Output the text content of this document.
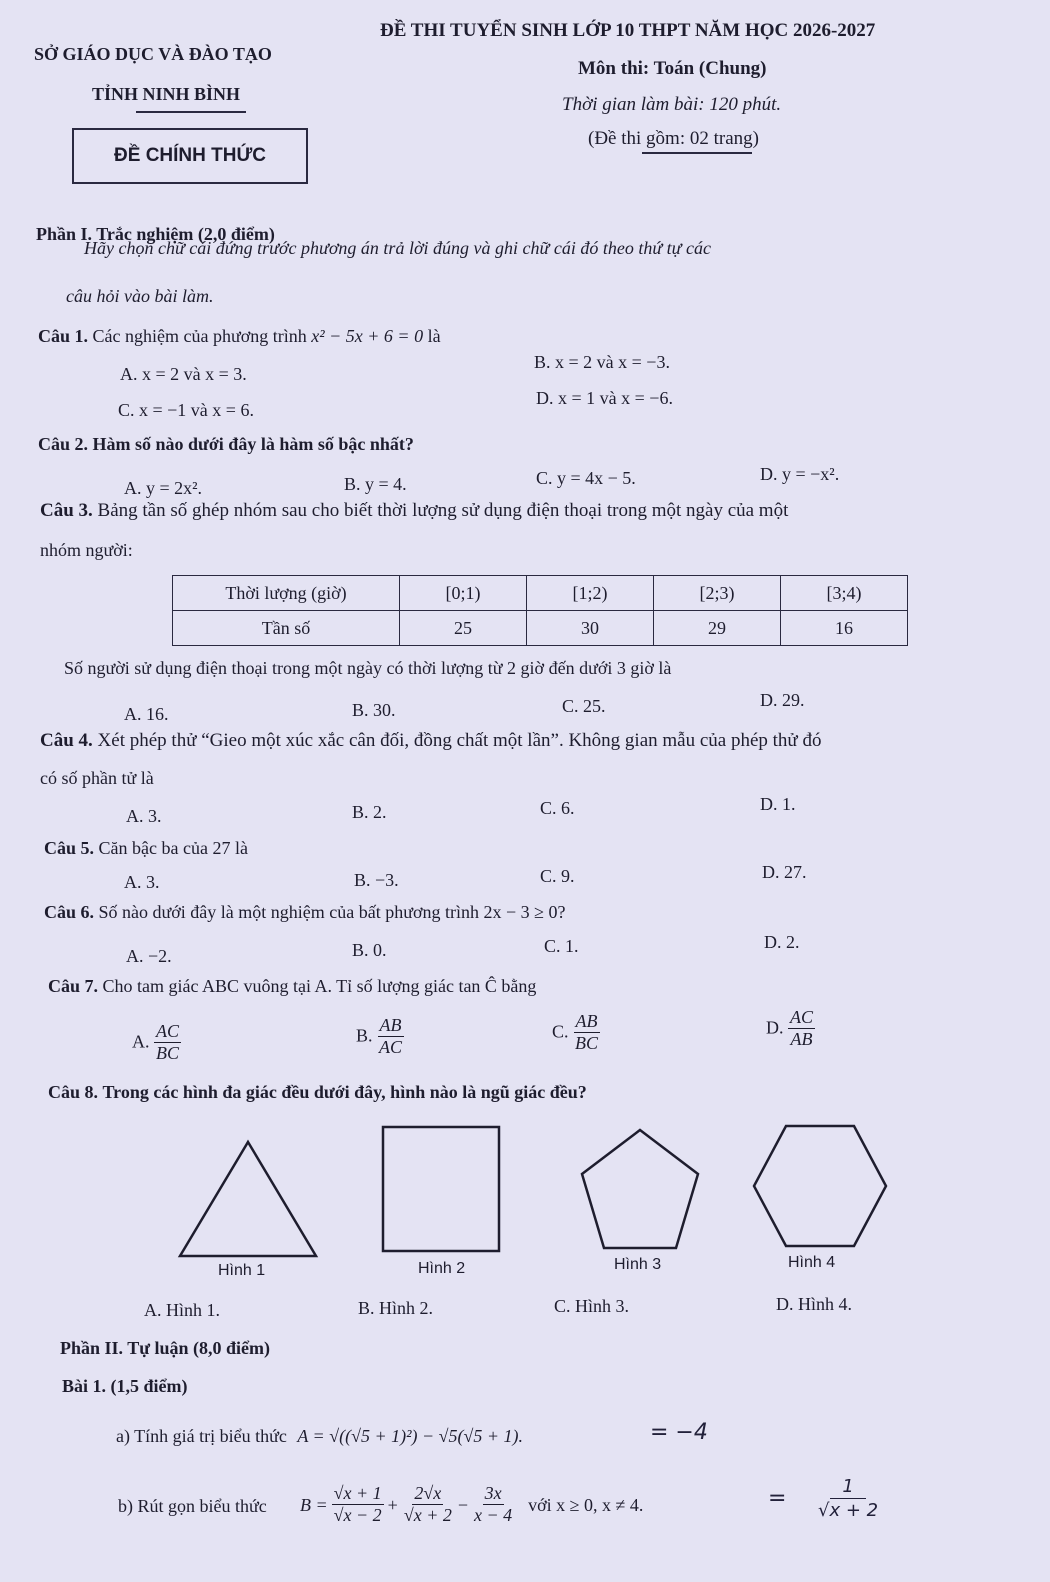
SỞ GIÁO DỤC VÀ ĐÀO TẠO
TỈNH NINH BÌNH
ĐỀ CHÍNH THỨC
ĐỀ THI TUYỂN SINH LỚP 10 THPT NĂM HỌC 2026-2027
Môn thi: Toán (Chung)
Thời gian làm bài: 120 phút.
(Đề thi gồm: 02 trang)
Phần I. Trắc nghiệm (2,0 điểm)
Hãy chọn chữ cái đứng trước phương án trả lời đúng và ghi chữ cái đó theo thứ tự các
câu hỏi vào bài làm.
Câu 1. Các nghiệm của phương trình x² − 5x + 6 = 0 là
A. x = 2 và x = 3.
B. x = 2 và x = −3.
C. x = −1 và x = 6.
D. x = 1 và x = −6.
Câu 2. Hàm số nào dưới đây là hàm số bậc nhất?
A. y = 2x².	B. y = 4.	C. y = 4x − 5.	D. y = −x².
Câu 3. Bảng tần số ghép nhóm sau cho biết thời lượng sử dụng điện thoại trong một ngày của một
nhóm người:
Thời lượng (giờ)	[0;1)	[1;2)	[2;3)	[3;4)
Tần số	25	30	29	16
Số người sử dụng điện thoại trong một ngày có thời lượng từ 2 giờ đến dưới 3 giờ là
A. 16.	B. 30.	C. 25.	D. 29.
Câu 4. Xét phép thử “Gieo một xúc xắc cân đối, đồng chất một lần”. Không gian mẫu của phép thử đó
có số phần tử là
A. 3.	B. 2.	C. 6.	D. 1.
Câu 5. Căn bậc ba của 27 là
A. 3.	B. −3.	C. 9.	D. 27.
Câu 6. Số nào dưới đây là một nghiệm của bất phương trình 2x − 3 ≥ 0?
A. −2.	B. 0.	C. 1.	D. 2.
Câu 7. Cho tam giác ABC vuông tại A. Tỉ số lượng giác tan Ĉ bằng
A. $\frac{AC}{BC}$	B. $\frac{AB}{AC}$	C. $\frac{AB}{BC}$	D. $\frac{AC}{AB}$
Câu 8. Trong các hình đa giác đều dưới đây, hình nào là ngũ giác đều?
Hình 1	Hình 2	Hình 3	Hình 4
A. Hình 1.	B. Hình 2.	C. Hình 3.	D. Hình 4.
Phần II. Tự luận (8,0 điểm)
Bài 1. (1,5 điểm)
a) Tính giá trị biểu thức A = √((√5 + 1)²) − √5(√5 + 1).	= −4
b) Rút gọn biểu thức $B = \frac{√x + 1}{√x - 2} + \frac{2√x}{√x + 2} - \frac{3x}{x - 4}$ với x ≥ 0, x ≠ 4.	= $\frac{1}{√x + 2}$
